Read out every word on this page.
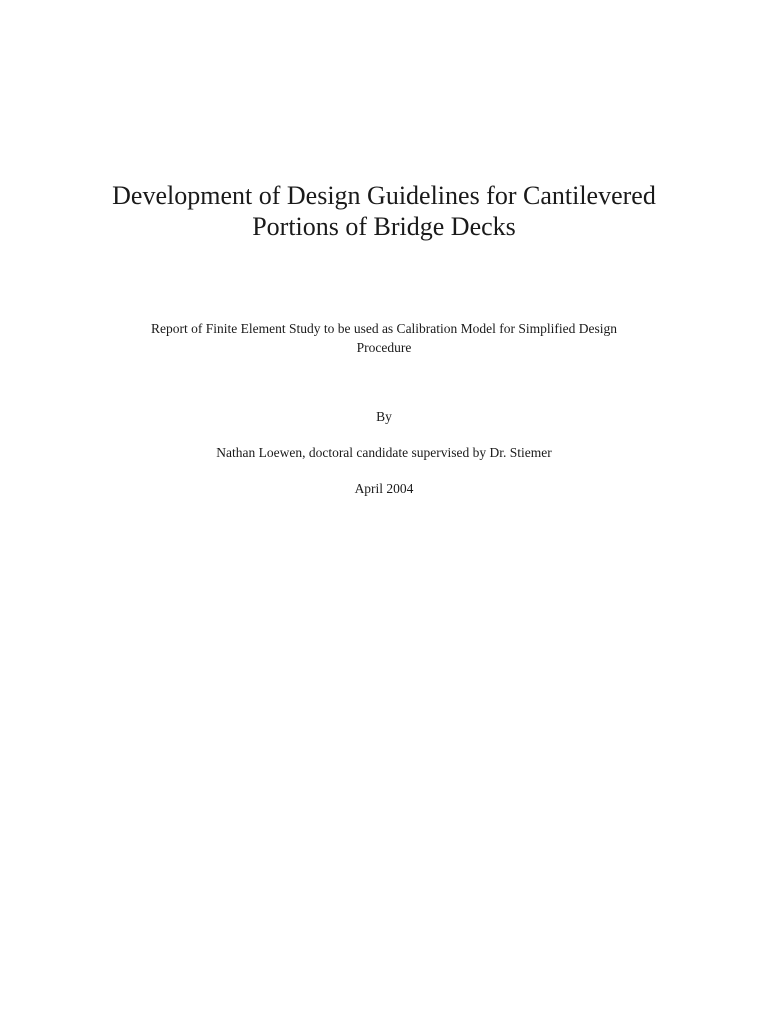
Development of Design Guidelines for Cantilevered
Portions of Bridge Decks

Report of Finite Element Study to be used as Calibration Model for Simplified Design
Procedure

By

Nathan Loewen, doctoral candidate supervised by Dr. Stiemer

April 2004
